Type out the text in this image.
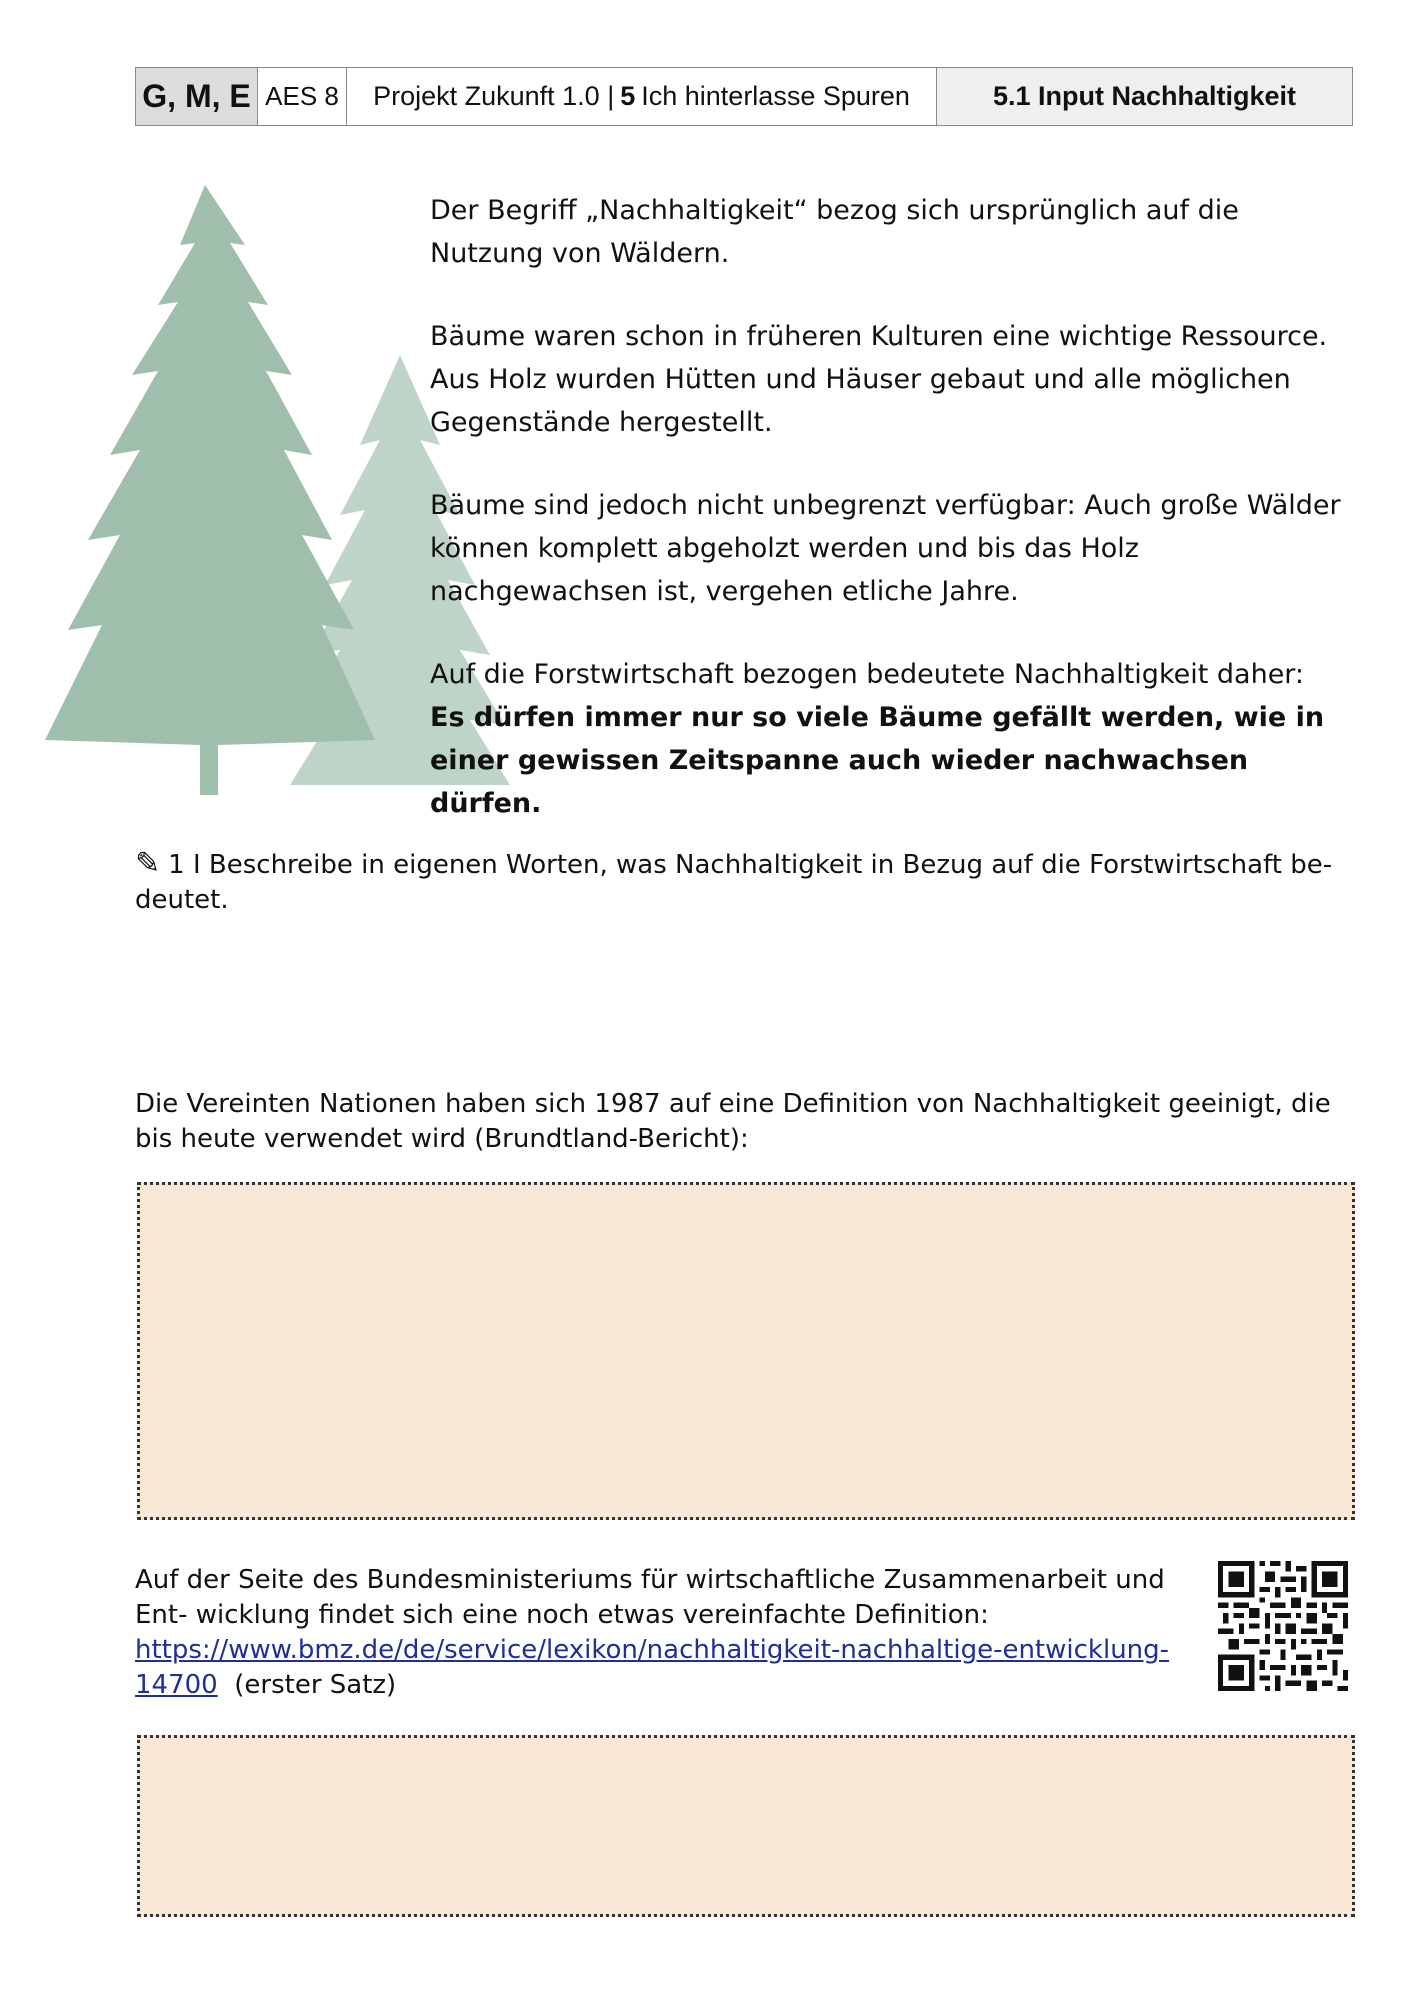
G, M, E AES 8	Projekt Zukunft 1.0 | 5 Ich hinterlasse Spuren	5.1 Input Nachhaltigkeit

Der Begriff „Nachhaltigkeit“ bezog sich ursprünglich auf die Nutzung von Wäldern.

Bäume waren schon in früheren Kulturen eine wichtige Ressource. Aus Holz wurden Hütten und Häuser gebaut und alle möglichen Gegenstände hergestellt.

Bäume sind jedoch nicht unbegrenzt verfügbar: Auch große Wälder können komplett abgeholzt werden und bis das Holz nachgewachsen ist, vergehen etliche Jahre.

Auf die Forstwirtschaft bezogen bedeutete Nachhaltigkeit daher:
Es dürfen immer nur so viele Bäume gefällt werden, wie in einer gewissen Zeitspanne auch wieder nachwachsen dürfen.

✎ 1 I Beschreibe in eigenen Worten, was Nachhaltigkeit in Bezug auf die Forstwirtschaft be- deutet.
Die Vereinten Nationen haben sich 1987 auf eine Definition von Nachhaltigkeit geeinigt, die bis heute verwendet wird (Brundtland-Bericht):
Auf der Seite des Bundesministeriums für wirtschaftliche Zusammenarbeit und Ent- wicklung findet sich eine noch etwas vereinfachte Definition:
https://www.bmz.de/de/service/lexikon/nachhaltigkeit-nachhaltige-entwicklung-14700 (erster Satz)
